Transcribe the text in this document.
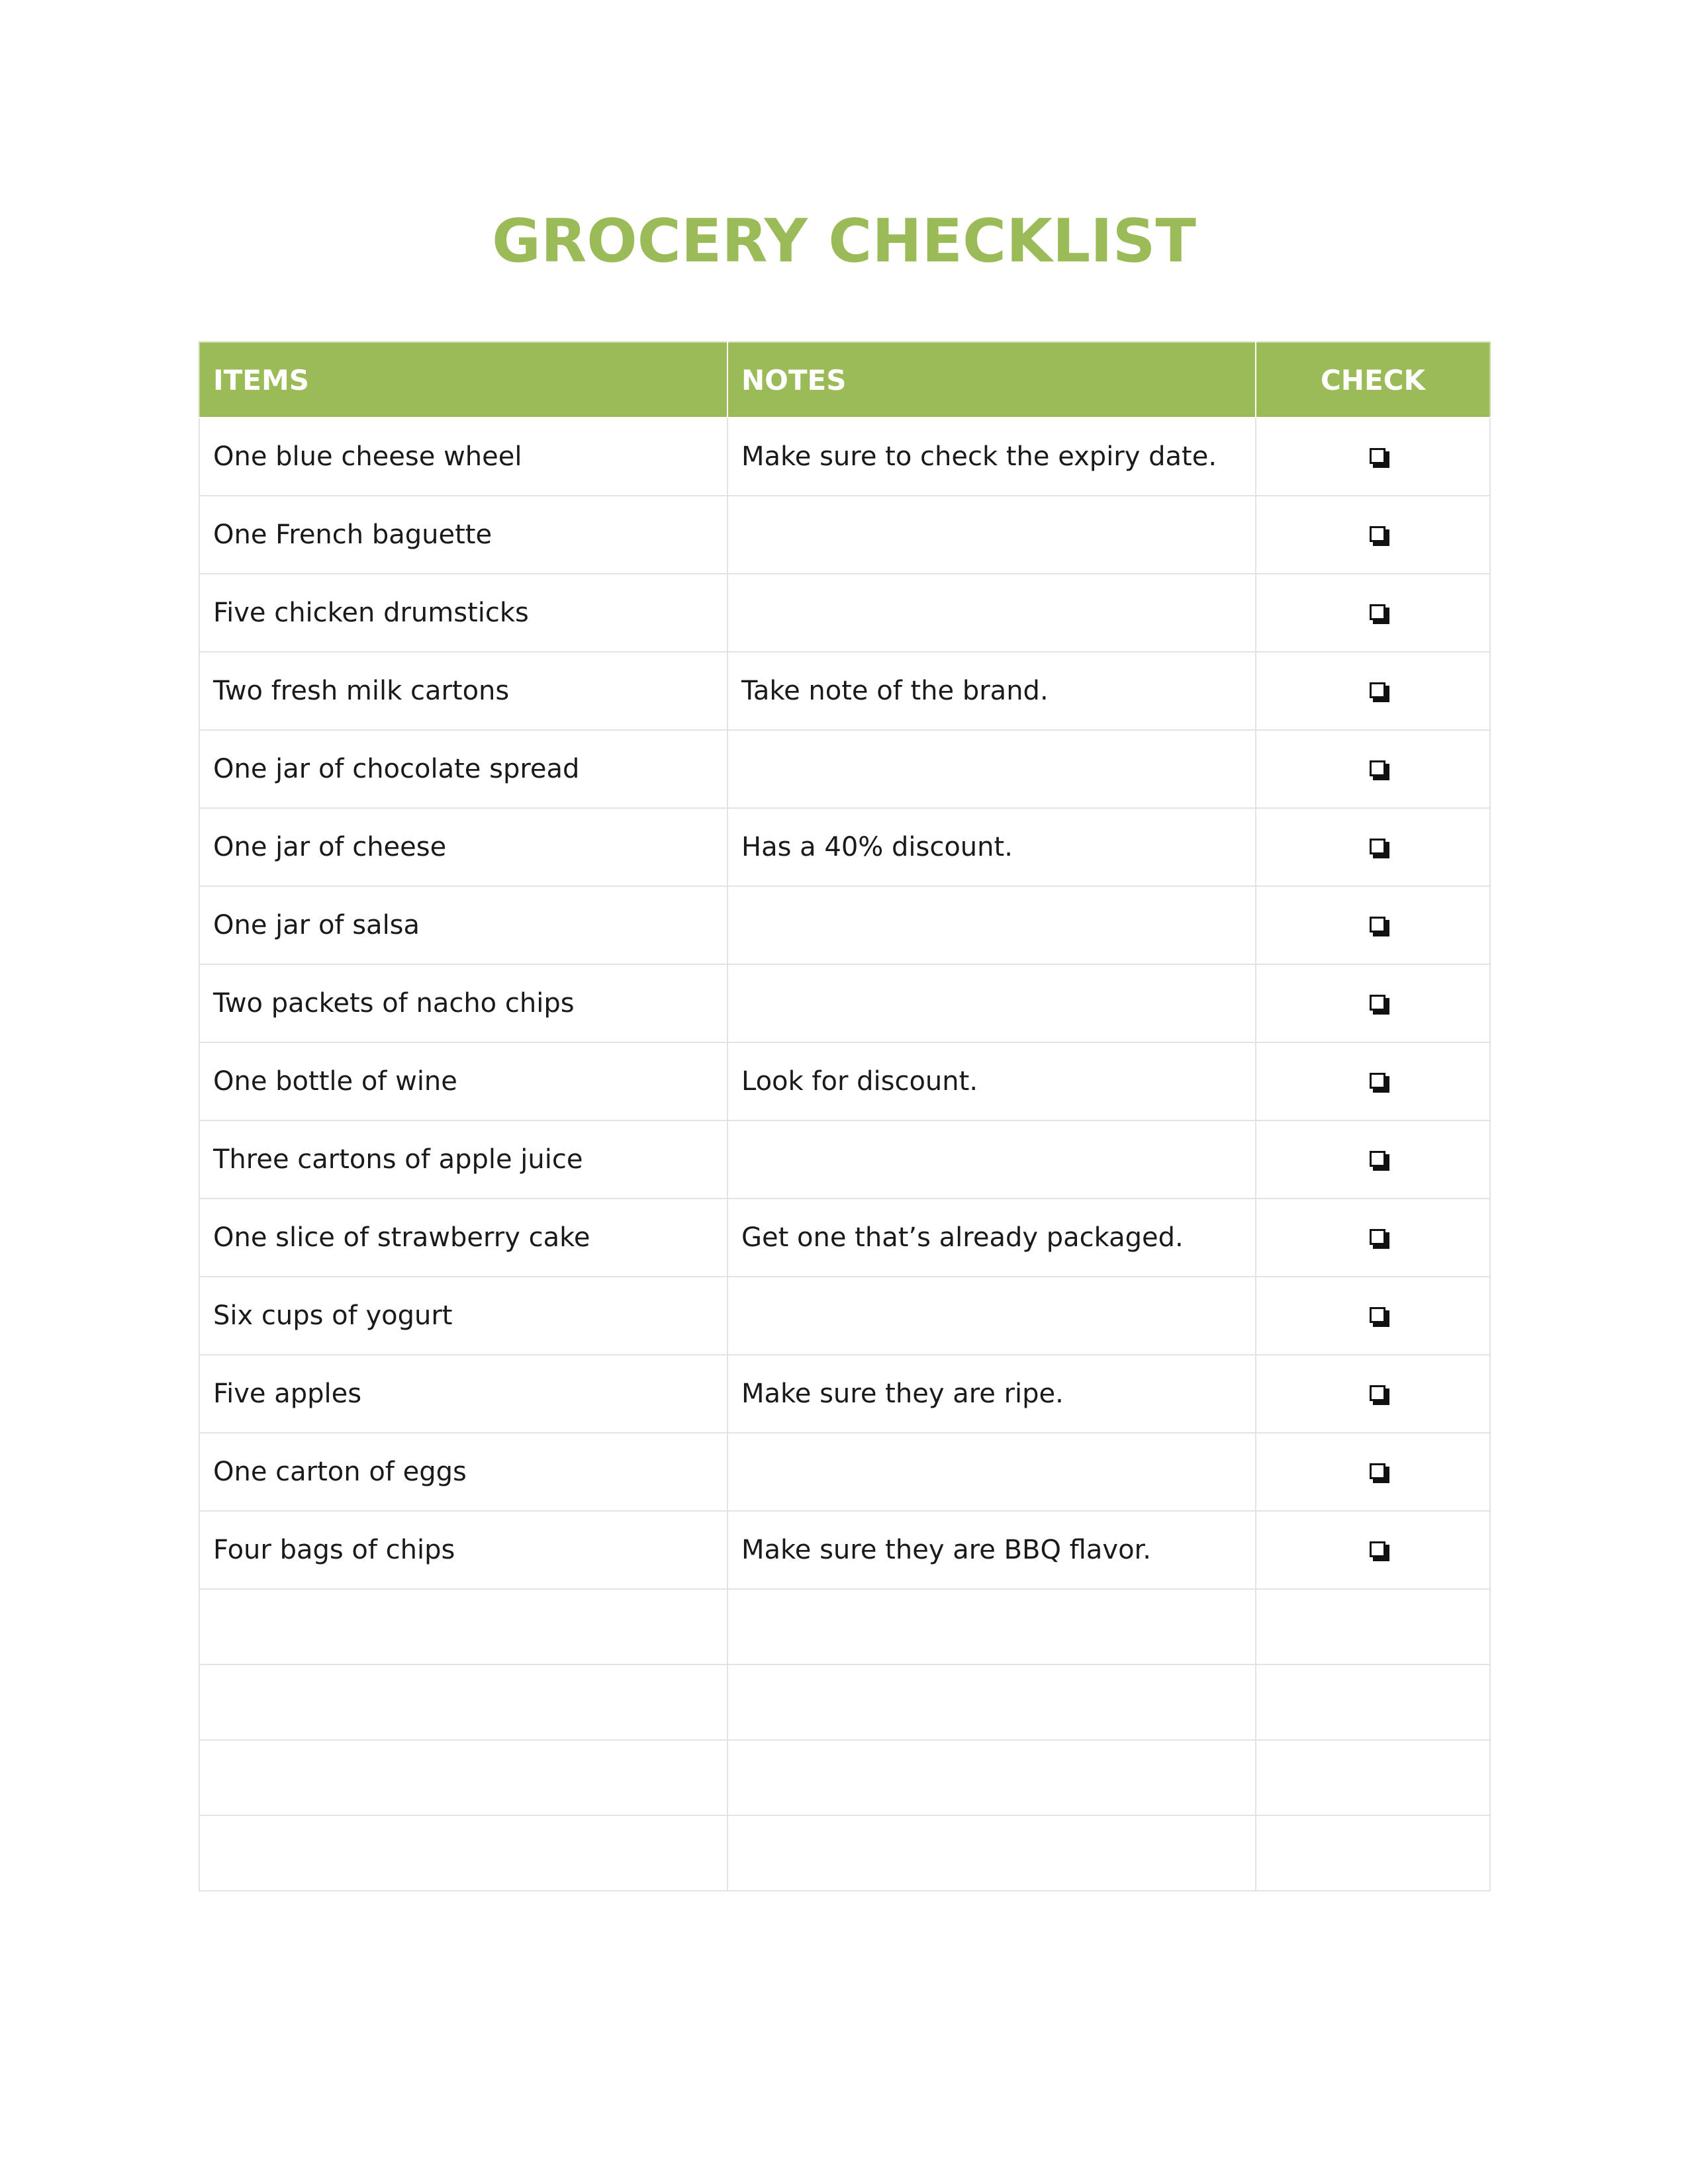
GROCERY CHECKLIST
ITEMS	NOTES	CHECK
One blue cheese wheel	Make sure to check the expiry date.	

One French baguette		

Five chicken drumsticks		

Two fresh milk cartons	Take note of the brand.	

One jar of chocolate spread		

One jar of cheese	Has a 40% discount.	

One jar of salsa		

Two packets of nacho chips		

One bottle of wine	Look for discount.	

Three cartons of apple juice		

One slice of strawberry cake	Get one that’s already packaged.	

Six cups of yogurt		

Five apples	Make sure they are ripe.	

One carton of eggs		

Four bags of chips	Make sure they are BBQ flavor.	
